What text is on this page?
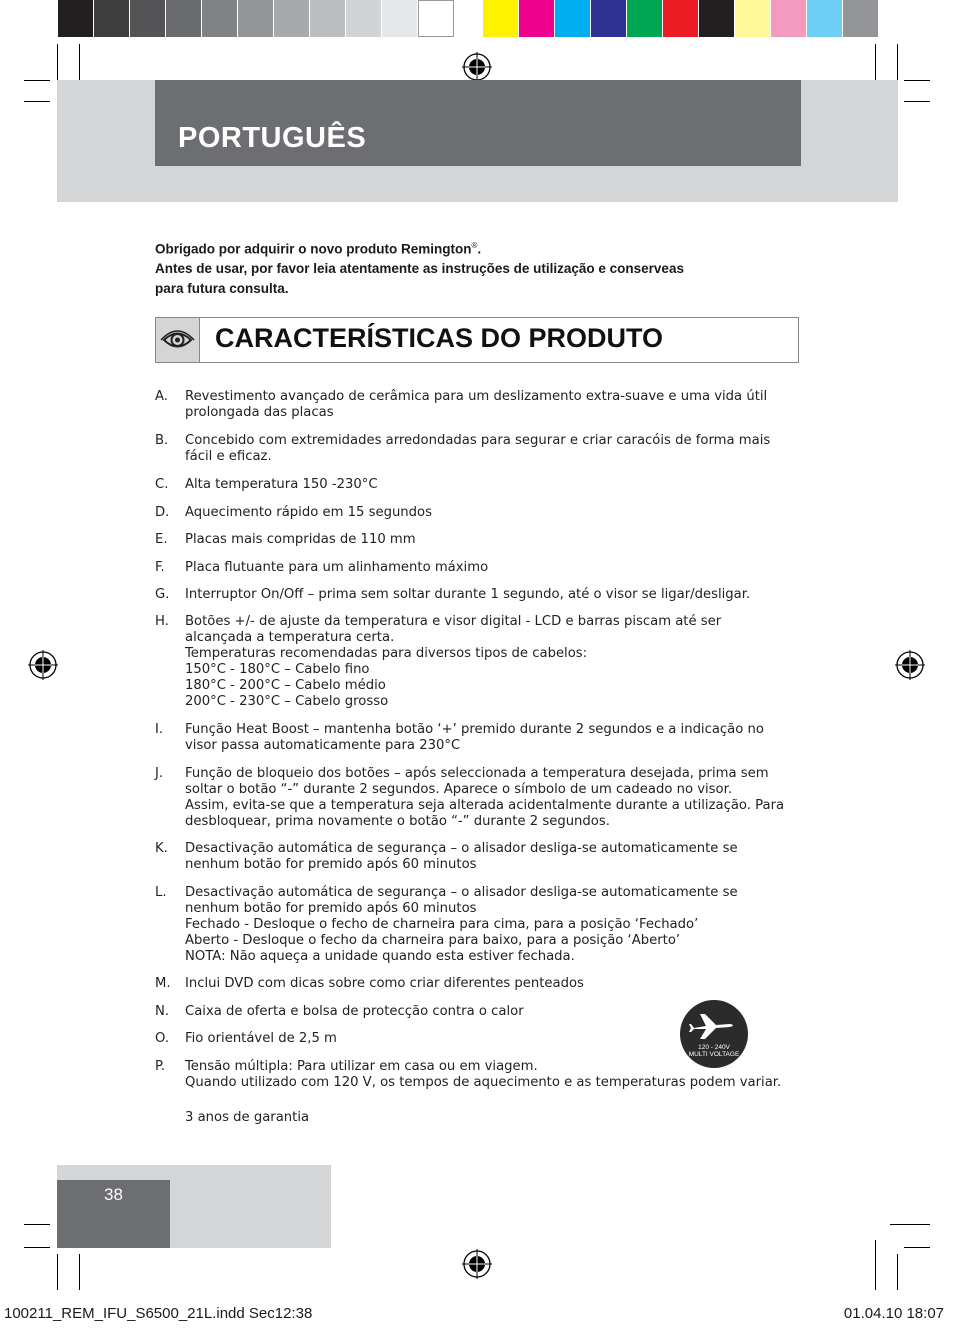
PORTUGUÊS
Obrigado por adquirir o novo produto Remington®.
Antes de usar, por favor leia atentamente as instruções de utilização e conserveas para futura consulta.
CARACTERÍSTICAS DO PRODUTO
A. Revestimento avançado de cerâmica para um deslizamento extra-suave e uma vida útil
prolongada das placas
B. Concebido com extremidades arredondadas para segurar e criar caracóis de forma mais
fácil e eficaz.
C. Alta temperatura 150 -230°C
D. Aquecimento rápido em 15 segundos
E. Placas mais compridas de 110 mm
F. Placa flutuante para um alinhamento máximo
G. Interruptor On/Off – prima sem soltar durante 1 segundo, até o visor se ligar/desligar.
H. Botões +/- de ajuste da temperatura e visor digital - LCD e barras piscam até ser
alcançada a temperatura certa.
Temperaturas recomendadas para diversos tipos de cabelos:
150°C - 180°C – Cabelo fino
180°C - 200°C – Cabelo médio
200°C - 230°C – Cabelo grosso
I. Função Heat Boost – mantenha botão ‘+’ premido durante 2 segundos e a indicação no
visor passa automaticamente para 230°C
J. Função de bloqueio dos botões – após seleccionada a temperatura desejada, prima sem
soltar o botão “-” durante 2 segundos. Aparece o símbolo de um cadeado no visor.
Assim, evita-se que a temperatura seja alterada acidentalmente durante a utilização. Para
desbloquear, prima novamente o botão “-” durante 2 segundos.
K. Desactivação automática de segurança – o alisador desliga-se automaticamente se
nenhum botão for premido após 60 minutos
L. Desactivação automática de segurança – o alisador desliga-se automaticamente se
nenhum botão for premido após 60 minutos
Fechado - Desloque o fecho de charneira para cima, para a posição ‘Fechado’
Aberto - Desloque o fecho da charneira para baixo, para a posição ‘Aberto’
NOTA: Não aqueça a unidade quando esta estiver fechada.
M. Inclui DVD com dicas sobre como criar diferentes penteados
N. Caixa de oferta e bolsa de protecção contra o calor
O. Fio orientável de 2,5 m
P. Tensão múltipla: Para utilizar em casa ou em viagem.
Quando utilizado com 120 V, os tempos de aquecimento e as temperaturas podem variar.
3 anos de garantia
120 - 240V
MULTI VOLTAGE
38
100211_REM_IFU_S6500_21L.indd Sec12:38	01.04.10 18:07
